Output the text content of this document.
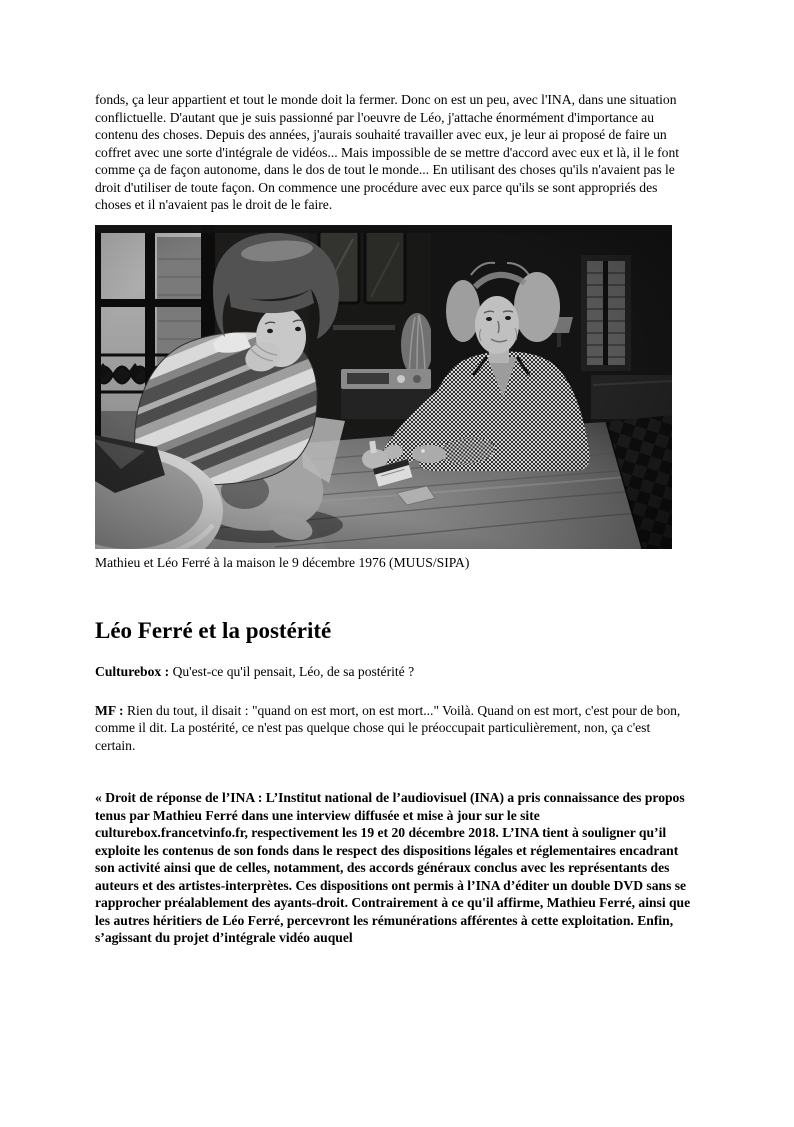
fonds, ça leur appartient et tout le monde doit la fermer. Donc on est un peu, avec l'INA, dans une situation conflictuelle. D'autant que je suis passionné par l'oeuvre de Léo, j'attache énormément d'importance au contenu des choses. Depuis des années, j'aurais souhaité travailler avec eux, je leur ai proposé de faire un coffret avec une sorte d'intégrale de vidéos... Mais impossible de se mettre d'accord avec eux et là, il le font comme ça de façon autonome, dans le dos de tout le monde... En utilisant des choses qu'ils n'avaient pas le droit d'utiliser de toute façon. On commence une procédure avec eux parce qu'ils se sont appropriés des choses et il n'avaient pas le droit de le faire.

Mathieu et Léo Ferré à la maison le 9 décembre 1976 (MUUS/SIPA)
Léo Ferré et la postérité

Culturebox : Qu'est-ce qu'il pensait, Léo, de sa postérité ?

MF : Rien du tout, il disait : "quand on est mort, on est mort..." Voilà. Quand on est mort, c'est pour de bon, comme il dit. La postérité, ce n'est pas quelque chose qui le préoccupait particulièrement, non, ça c'est certain.

« Droit de réponse de l’INA : L’Institut national de l’audiovisuel (INA) a pris connaissance des propos tenus par Mathieu Ferré dans une interview diffusée et mise à jour sur le site culturebox.francetvinfo.fr, respectivement les 19 et 20 décembre 2018. L’INA tient à souligner qu’il exploite les contenus de son fonds dans le respect des dispositions légales et réglementaires encadrant son activité ainsi que de celles, notamment, des accords généraux conclus avec les représentants des auteurs et des artistes-interprètes. Ces dispositions ont permis à l’INA d’éditer un double DVD sans se rapprocher préalablement des ayants-droit. Contrairement à ce qu'il affirme, Mathieu Ferré, ainsi que les autres héritiers de Léo Ferré, percevront les rémunérations afférentes à cette exploitation. Enfin, s’agissant du projet d’intégrale vidéo auquel
